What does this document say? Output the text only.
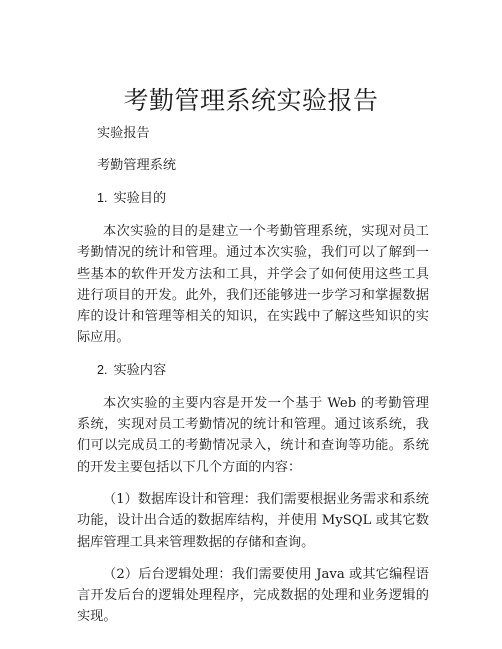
考勤管理系统实验报告
实验报告
考勤管理系统
1. 实验目的

本次实验的目的是建立一个考勤管理系统，实现对员工考勤情况的统计和管理。通过本次实验，我们可以了解到一些基本的软件开发方法和工具，并学会了如何使用这些工具进行项目的开发。此外，我们还能够进一步学习和掌握数据库的设计和管理等相关的知识，在实践中了解这些知识的实际应用。

2. 实验内容

本次实验的主要内容是开发一个基于 Web 的考勤管理系统，实现对员工考勤情况的统计和管理。通过该系统，我们可以完成员工的考勤情况录入，统计和查询等功能。系统的开发主要包括以下几个方面的内容：

（1）数据库设计和管理：我们需要根据业务需求和系统功能，设计出合适的数据库结构，并使用 MySQL 或其它数据库管理工具来管理数据的存储和查询。

（2）后台逻辑处理：我们需要使用 Java 或其它编程语言开发后台的逻辑处理程序，完成数据的处理和业务逻辑的实现。
